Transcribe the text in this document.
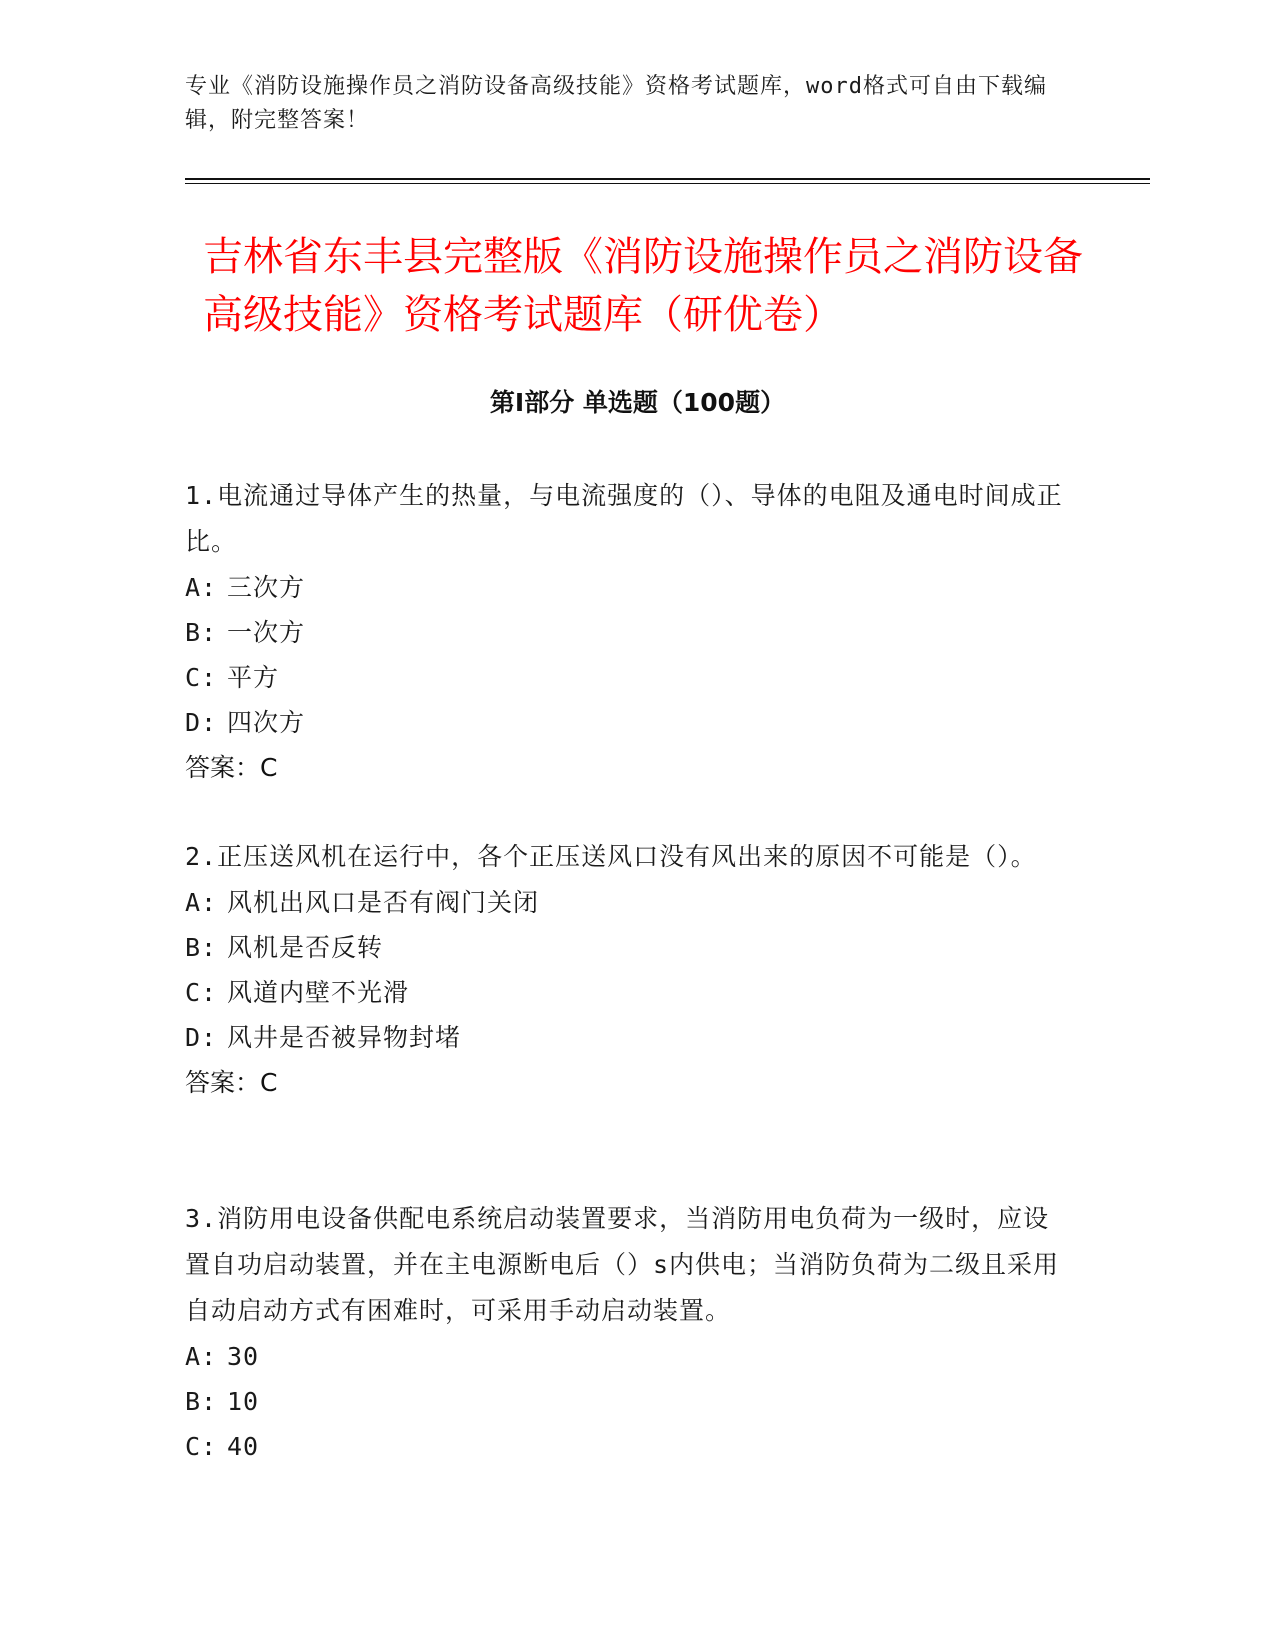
专业《消防设施操作员之消防设备高级技能》资格考试题库，word格式可自由下载编辑，附完整答案！
吉林省东丰县完整版《消防设施操作员之消防设备高级技能》资格考试题库（研优卷）
第Ⅰ部分 单选题（100题）

1.电流通过导体产生的热量，与电流强度的（）、导体的电阻及通电时间成正比。

A: 三次方

B: 一次方

C: 平方

D: 四次方

答案：C

2.正压送风机在运行中，各个正压送风口没有风出来的原因不可能是（）。

A: 风机出风口是否有阀门关闭

B: 风机是否反转

C: 风道内壁不光滑

D: 风井是否被异物封堵

答案：C

3.消防用电设备供配电系统启动装置要求，当消防用电负荷为一级时，应设置自功启动装置，并在主电源断电后（）s内供电；当消防负荷为二级且采用自动启动方式有困难时，可采用手动启动装置。

A: 30

B: 10

C: 40
